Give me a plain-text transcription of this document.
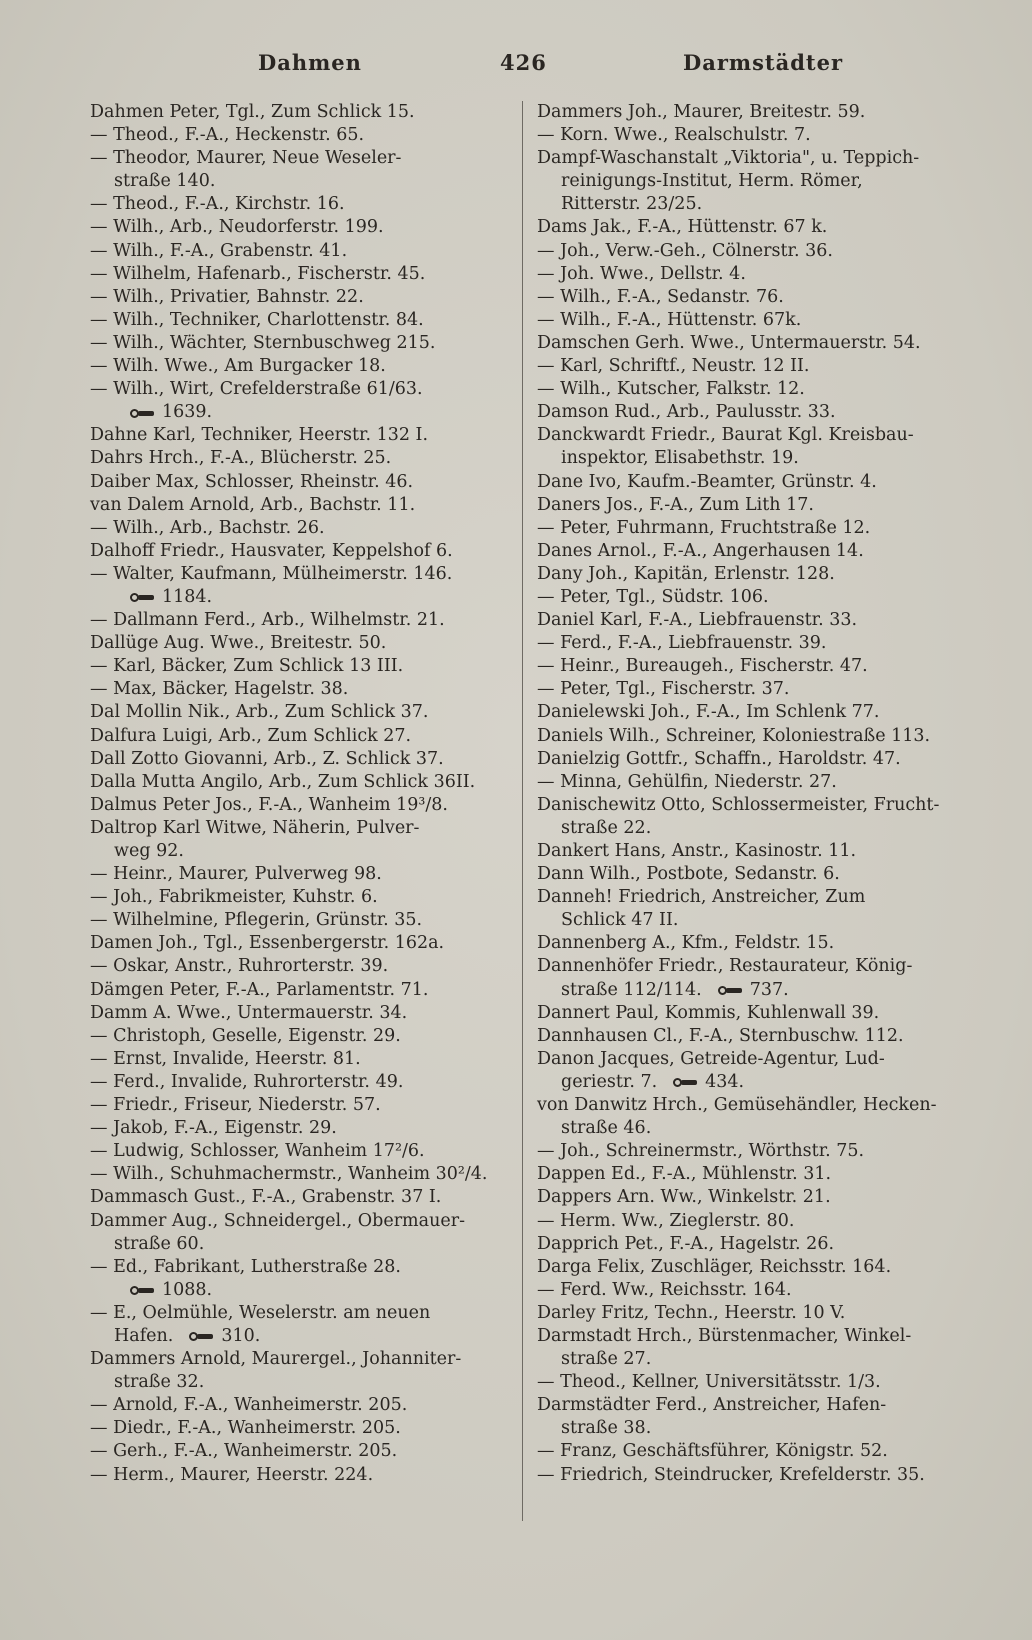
Dahmen	426	Darmstädter
Dahmen Peter, Tgl., Zum Schlick 15.
— Theod., F.-A., Heckenstr. 65.
— Theodor, Maurer, Neue Weseler-
straße 140.
— Theod., F.-A., Kirchstr. 16.
— Wilh., Arb., Neudorferstr. 199.
— Wilh., F.-A., Grabenstr. 41.
— Wilhelm, Hafenarb., Fischerstr. 45.
— Wilh., Privatier, Bahnstr. 22.
— Wilh., Techniker, Charlottenstr. 84.
— Wilh., Wächter, Sternbuschweg 215.
— Wilh. Wwe., Am Burgacker 18.
— Wilh., Wirt, Crefelderstraße 61/63.
1639.
Dahne Karl, Techniker, Heerstr. 132 I.
Dahrs Hrch., F.-A., Blücherstr. 25.
Daiber Max, Schlosser, Rheinstr. 46.
van Dalem Arnold, Arb., Bachstr. 11.
— Wilh., Arb., Bachstr. 26.
Dalhoff Friedr., Hausvater, Keppelshof 6.
— Walter, Kaufmann, Mülheimerstr. 146.
1184.
— Dallmann Ferd., Arb., Wilhelmstr. 21.
Dallüge Aug. Wwe., Breitestr. 50.
— Karl, Bäcker, Zum Schlick 13 III.
— Max, Bäcker, Hagelstr. 38.
Dal Mollin Nik., Arb., Zum Schlick 37.
Dalfura Luigi, Arb., Zum Schlick 27.
Dall Zotto Giovanni, Arb., Z. Schlick 37.
Dalla Mutta Angilo, Arb., Zum Schlick 36II.
Dalmus Peter Jos., F.-A., Wanheim 19³/8.
Daltrop Karl Witwe, Näherin, Pulver-
weg 92.
— Heinr., Maurer, Pulverweg 98.
— Joh., Fabrikmeister, Kuhstr. 6.
— Wilhelmine, Pflegerin, Grünstr. 35.
Damen Joh., Tgl., Essenbergerstr. 162a.
— Oskar, Anstr., Ruhrorterstr. 39.
Dämgen Peter, F.-A., Parlamentstr. 71.
Damm A. Wwe., Untermauerstr. 34.
— Christoph, Geselle, Eigenstr. 29.
— Ernst, Invalide, Heerstr. 81.
— Ferd., Invalide, Ruhrorterstr. 49.
— Friedr., Friseur, Niederstr. 57.
— Jakob, F.-A., Eigenstr. 29.
— Ludwig, Schlosser, Wanheim 17²/6.
— Wilh., Schuhmachermstr., Wanheim 30²/4.
Dammasch Gust., F.-A., Grabenstr. 37 I.
Dammer Aug., Schneidergel., Obermauer-
straße 60.
— Ed., Fabrikant, Lutherstraße 28.
1088.
— E., Oelmühle, Weselerstr. am neuen
Hafen.	310.
Dammers Arnold, Maurergel., Johanniter-
straße 32.
— Arnold, F.-A., Wanheimerstr. 205.
— Diedr., F.-A., Wanheimerstr. 205.
— Gerh., F.-A., Wanheimerstr. 205.
— Herm., Maurer, Heerstr. 224.
Dammers Joh., Maurer, Breitestr. 59.
— Korn. Wwe., Realschulstr. 7.
Dampf-Waschanstalt „Viktoria", u. Teppich-
reinigungs-Institut, Herm. Römer,
Ritterstr. 23/25.
Dams Jak., F.-A., Hüttenstr. 67 k.
— Joh., Verw.-Geh., Cölnerstr. 36.
— Joh. Wwe., Dellstr. 4.
— Wilh., F.-A., Sedanstr. 76.
— Wilh., F.-A., Hüttenstr. 67k.
Damschen Gerh. Wwe., Untermauerstr. 54.
— Karl, Schriftf., Neustr. 12 II.
— Wilh., Kutscher, Falkstr. 12.
Damson Rud., Arb., Paulusstr. 33.
Danckwardt Friedr., Baurat Kgl. Kreisbau-
inspektor, Elisabethstr. 19.
Dane Ivo, Kaufm.-Beamter, Grünstr. 4.
Daners Jos., F.-A., Zum Lith 17.
— Peter, Fuhrmann, Fruchtstraße 12.
Danes Arnol., F.-A., Angerhausen 14.
Dany Joh., Kapitän, Erlenstr. 128.
— Peter, Tgl., Südstr. 106.
Daniel Karl, F.-A., Liebfrauenstr. 33.
— Ferd., F.-A., Liebfrauenstr. 39.
— Heinr., Bureaugeh., Fischerstr. 47.
— Peter, Tgl., Fischerstr. 37.
Danielewski Joh., F.-A., Im Schlenk 77.
Daniels Wilh., Schreiner, Koloniestraße 113.
Danielzig Gottfr., Schaffn., Haroldstr. 47.
— Minna, Gehülfin, Niederstr. 27.
Danischewitz Otto, Schlossermeister, Frucht-
straße 22.
Dankert Hans, Anstr., Kasinostr. 11.
Dann Wilh., Postbote, Sedanstr. 6.
Danneh! Friedrich, Anstreicher, Zum
Schlick 47 II.
Dannenberg A., Kfm., Feldstr. 15.
Dannenhöfer Friedr., Restaurateur, König-
straße 112/114.	737.
Dannert Paul, Kommis, Kuhlenwall 39.
Dannhausen Cl., F.-A., Sternbuschw. 112.
Danon Jacques, Getreide-Agentur, Lud-
geriestr. 7.	434.
von Danwitz Hrch., Gemüsehändler, Hecken-
straße 46.
— Joh., Schreinermstr., Wörthstr. 75.
Dappen Ed., F.-A., Mühlenstr. 31.
Dappers Arn. Ww., Winkelstr. 21.
— Herm. Ww., Zieglerstr. 80.
Dapprich Pet., F.-A., Hagelstr. 26.
Darga Felix, Zuschläger, Reichsstr. 164.
— Ferd. Ww., Reichsstr. 164.
Darley Fritz, Techn., Heerstr. 10 V.
Darmstadt Hrch., Bürstenmacher, Winkel-
straße 27.
— Theod., Kellner, Universitätsstr. 1/3.
Darmstädter Ferd., Anstreicher, Hafen-
straße 38.
— Franz, Geschäftsführer, Königstr. 52.
— Friedrich, Steindrucker, Krefelderstr. 35.
